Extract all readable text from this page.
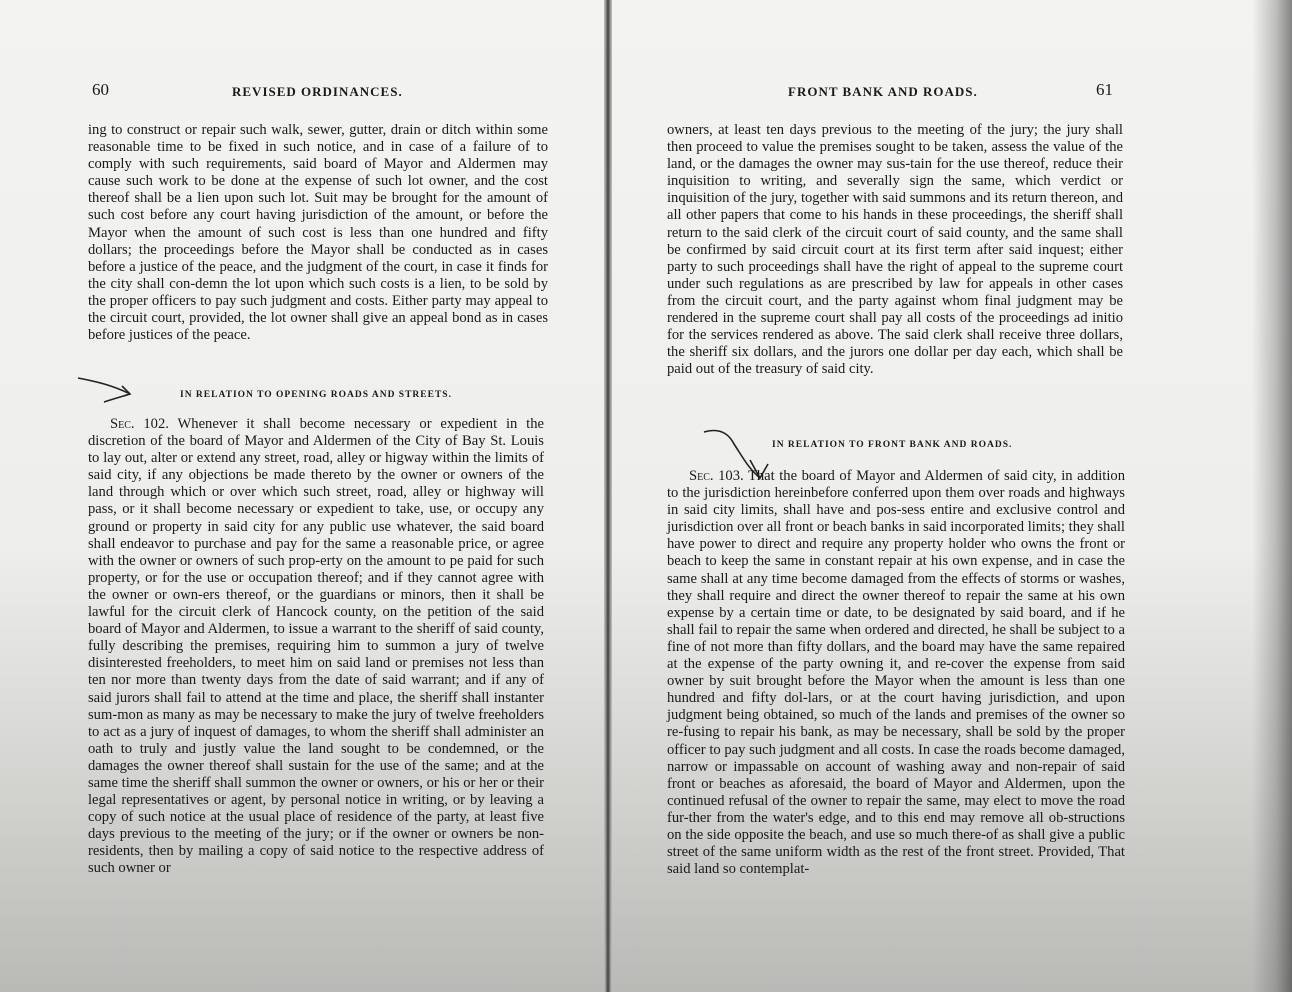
60	REVISED ORDINANCES.

ing to construct or repair such walk, sewer, gutter, drain or ditch within some reasonable time to be fixed in such notice, and in case of a failure of to comply with such requirements, said board of Mayor and Aldermen may cause such work to be done at the expense of such lot owner, and the cost thereof shall be a lien upon such lot. Suit may be brought for the amount of such cost before any court having jurisdiction of the amount, or before the Mayor when the amount of such cost is less than one hundred and fifty dollars; the proceedings before the Mayor shall be conducted as in cases before a justice of the peace, and the judgment of the court, in case it finds for the city shall con-demn the lot upon which such costs is a lien, to be sold by the proper officers to pay such judgment and costs. Either party may appeal to the circuit court, provided, the lot owner shall give an appeal bond as in cases before justices of the peace.

IN RELATION TO OPENING ROADS AND STREETS.

Sec. 102. Whenever it shall become necessary or expedient in the discretion of the board of Mayor and Aldermen of the City of Bay St. Louis to lay out, alter or extend any street, road, alley or higway within the limits of said city, if any objections be made thereto by the owner or owners of the land through which or over which such street, road, alley or highway will pass, or it shall become necessary or expedient to take, use, or occupy any ground or property in said city for any public use whatever, the said board shall endeavor to purchase and pay for the same a reasonable price, or agree with the owner or owners of such prop-erty on the amount to pe paid for such property, or for the use or occupation thereof; and if they cannot agree with the owner or own-ers thereof, or the guardians or minors, then it shall be lawful for the circuit clerk of Hancock county, on the petition of the said board of Mayor and Aldermen, to issue a warrant to the sheriff of said county, fully describing the premises, requiring him to summon a jury of twelve disinterested freeholders, to meet him on said land or premises not less than ten nor more than twenty days from the date of said warrant; and if any of said jurors shall fail to attend at the time and place, the sheriff shall instanter sum-mon as many as may be necessary to make the jury of twelve freeholders to act as a jury of inquest of damages, to whom the sheriff shall administer an oath to truly and justly value the land sought to be condemned, or the damages the owner thereof shall sustain for the use of the same; and at the same time the sheriff shall summon the owner or owners, or his or her or their legal representatives or agent, by personal notice in writing, or by leaving a copy of such notice at the usual place of residence of the party, at least five days previous to the meeting of the jury; or if the owner or owners be non-residents, then by mailing a copy of said notice to the respective address of such owner or

FRONT BANK AND ROADS.	61

owners, at least ten days previous to the meeting of the jury; the jury shall then proceed to value the premises sought to be taken, assess the value of the land, or the damages the owner may sus-tain for the use thereof, reduce their inquisition to writing, and severally sign the same, which verdict or inquisition of the jury, together with said summons and its return thereon, and all other papers that come to his hands in these proceedings, the sheriff shall return to the said clerk of the circuit court of said county, and the same shall be confirmed by said circuit court at its first term after said inquest; either party to such proceedings shall have the right of appeal to the supreme court under such regulations as are prescribed by law for appeals in other cases from the circuit court, and the party against whom final judgment may be rendered in the supreme court shall pay all costs of the proceedings ad initio for the services rendered as above. The said clerk shall receive three dollars, the sheriff six dollars, and the jurors one dollar per day each, which shall be paid out of the treasury of said city.

IN RELATION TO FRONT BANK AND ROADS.

Sec. 103. That the board of Mayor and Aldermen of said city, in addition to the jurisdiction hereinbefore conferred upon them over roads and highways in said city limits, shall have and pos-sess entire and exclusive control and jurisdiction over all front or beach banks in said incorporated limits; they shall have power to direct and require any property holder who owns the front or beach to keep the same in constant repair at his own expense, and in case the same shall at any time become damaged from the effects of storms or washes, they shall require and direct the owner thereof to repair the same at his own expense by a certain time or date, to be designated by said board, and if he shall fail to repair the same when ordered and directed, he shall be subject to a fine of not more than fifty dollars, and the board may have the same repaired at the expense of the party owning it, and re-cover the expense from said owner by suit brought before the Mayor when the amount is less than one hundred and fifty dol-lars, or at the court having jurisdiction, and upon judgment being obtained, so much of the lands and premises of the owner so re-fusing to repair his bank, as may be necessary, shall be sold by the proper officer to pay such judgment and all costs. In case the roads become damaged, narrow or impassable on account of washing away and non-repair of said front or beaches as aforesaid, the board of Mayor and Aldermen, upon the continued refusal of the owner to repair the same, may elect to move the road fur-ther from the water's edge, and to this end may remove all ob-structions on the side opposite the beach, and use so much there-of as shall give a public street of the same uniform width as the rest of the front street. Provided, That said land so contemplat-
